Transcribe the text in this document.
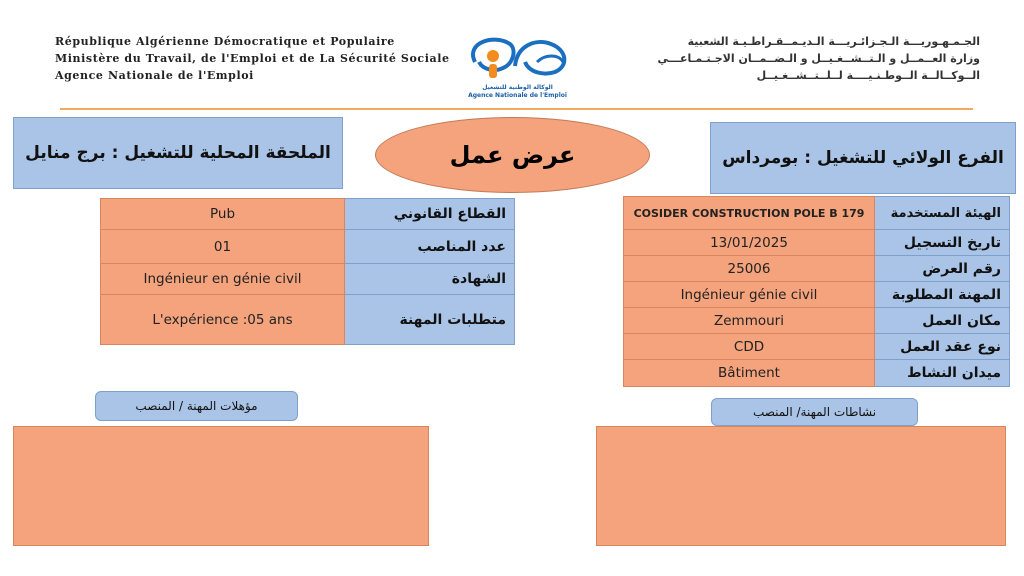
République Algérienne Démocratique et Populaire
Ministère du Travail, de l'Emploi et de La Sécurité Sociale
Agence Nationale de l'Emploi
الوكالة الوطنية للتشغيل
Agence Nationale de l'Emploi
الجـمـهـوريـــة الـجـزائـريـــة الـديـمــقـراطـيـة الشعبية
وزارة العــمــل و الـتــشــغـيــل و الـضــمــان الاجـتـمـاعـــي
الــوكــالــة الــوطـنـيــــة لــلــتــشــغـيــل
الملحقة المحلية للتشغيل : برج منايل	عرض عمل	الفرع الولائي للتشغيل : بومرداس
Pub	القطاع القانوني
01	عدد المناصب
Ingénieur en génie civil	الشهادة
L'expérience :05 ans	متطلبات المهنة
COSIDER CONSTRUCTION POLE B 179	الهيئة المستخدمة
13/01/2025	تاريخ التسجيل
25006	رقم العرض
Ingénieur génie civil	المهنة المطلوبة
Zemmouri	مكان العمل
CDD	نوع عقد العمل
Bâtiment	ميدان النشاط
مؤهلات المهنة / المنصب	نشاطات المهنة/ المنصب
